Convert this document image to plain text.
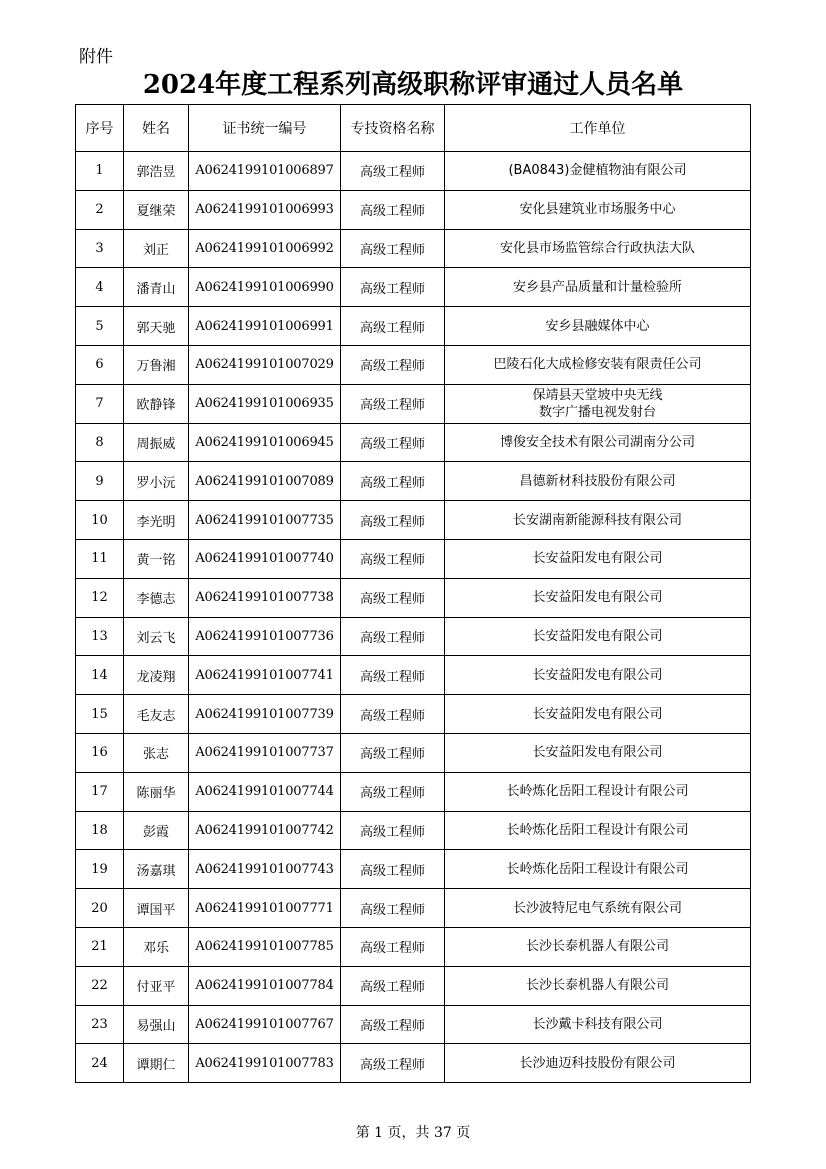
附件
2024年度工程系列高级职称评审通过人员名单
序号	姓名	证书统一编号	专技资格名称	工作单位
1	郭浩昱	A0624199101006897	高级工程师	(BA0843)金健植物油有限公司

2	夏继荣	A0624199101006993	高级工程师	安化县建筑业市场服务中心

3	刘正	A0624199101006992	高级工程师	安化县市场监管综合行政执法大队

4	潘青山	A0624199101006990	高级工程师	安乡县产品质量和计量检验所

5	郭天驰	A0624199101006991	高级工程师	安乡县融媒体中心

6	万鲁湘	A0624199101007029	高级工程师	巴陵石化大成检修安装有限责任公司

7	欧静锋	A0624199101006935	高级工程师	保靖县天堂坡中央无线
数字广播电视发射台

8	周振威	A0624199101006945	高级工程师	博俊安全技术有限公司湖南分公司

9	罗小沅	A0624199101007089	高级工程师	昌德新材科技股份有限公司

10	李光明	A0624199101007735	高级工程师	长安湖南新能源科技有限公司

11	黄一铭	A0624199101007740	高级工程师	长安益阳发电有限公司

12	李德志	A0624199101007738	高级工程师	长安益阳发电有限公司

13	刘云飞	A0624199101007736	高级工程师	长安益阳发电有限公司

14	龙凌翔	A0624199101007741	高级工程师	长安益阳发电有限公司

15	毛友志	A0624199101007739	高级工程师	长安益阳发电有限公司

16	张志	A0624199101007737	高级工程师	长安益阳发电有限公司

17	陈丽华	A0624199101007744	高级工程师	长岭炼化岳阳工程设计有限公司

18	彭霞	A0624199101007742	高级工程师	长岭炼化岳阳工程设计有限公司

19	汤嘉琪	A0624199101007743	高级工程师	长岭炼化岳阳工程设计有限公司

20	谭国平	A0624199101007771	高级工程师	长沙波特尼电气系统有限公司

21	邓乐	A0624199101007785	高级工程师	长沙长泰机器人有限公司

22	付亚平	A0624199101007784	高级工程师	长沙长泰机器人有限公司

23	易强山	A0624199101007767	高级工程师	长沙戴卡科技有限公司

24	谭期仁	A0624199101007783	高级工程师	长沙迪迈科技股份有限公司
第 1 页，共 37 页
